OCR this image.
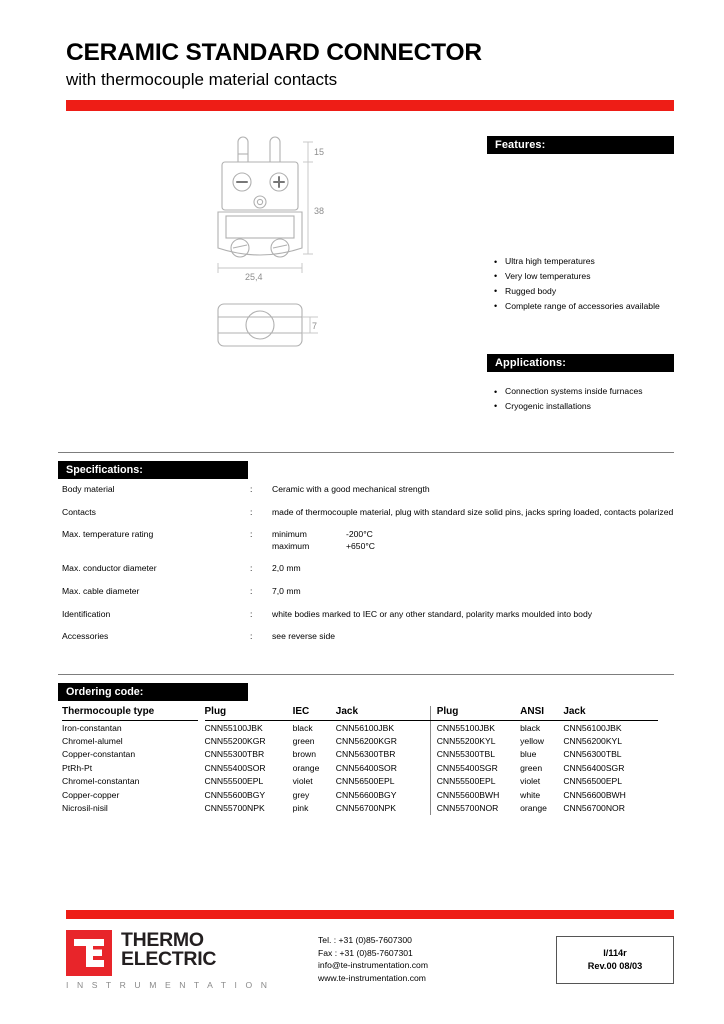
CERAMIC STANDARD CONNECTOR
with thermocouple material contacts
15
38
25,4
7
Features:
• Ultra high temperatures
• Very low temperatures
• Rugged body
• Complete range of accessories available
Applications:
• Connection systems inside furnaces
• Cryogenic installations
Specifications:
Body material	:	Ceramic with a good mechanical strength
Contacts	:	made of thermocouple material, plug with standard size solid pins, jacks spring loaded, contacts polarized
Max. temperature rating	:	minimum -200°C
maximum +650°C

Max. conductor diameter	:	2,0 mm
Max. cable diameter	:	7,0 mm
Identification	:	white bodies marked to IEC or any other standard, polarity marks moulded into body
Accessories	:	see reverse side
Ordering code:
Thermocouple type		Plug	IEC	Jack	Plug	ANSI	Jack
Iron-constantan		CNN55100JBK	black	CNN56100JBK	CNN55100JBK	black	CNN56100JBK
Chromel-alumel		CNN55200KGR	green	CNN56200KGR	CNN55200KYL	yellow	CNN56200KYL
Copper-constantan		CNN55300TBR	brown	CNN56300TBR	CNN55300TBL	blue	CNN56300TBL
PtRh-Pt		CNN55400SOR	orange	CNN56400SOR	CNN55400SGR	green	CNN56400SGR
Chromel-constantan		CNN55500EPL	violet	CNN56500EPL	CNN55500EPL	violet	CNN56500EPL
Copper-copper		CNN55600BGY	grey	CNN56600BGY	CNN55600BWH	white	CNN56600BWH
Nicrosil-nisil		CNN55700NPK	pink	CNN56700NPK	CNN55700NOR	orange	CNN56700NOR
THERMO
ELECTRIC
I N S T R U M E N T A T I O N
Tel. : +31 (0)85-7607300
Fax : +31 (0)85-7607301
info@te-instrumentation.com
www.te-instrumentation.com
I/114r
Rev.00 08/03
